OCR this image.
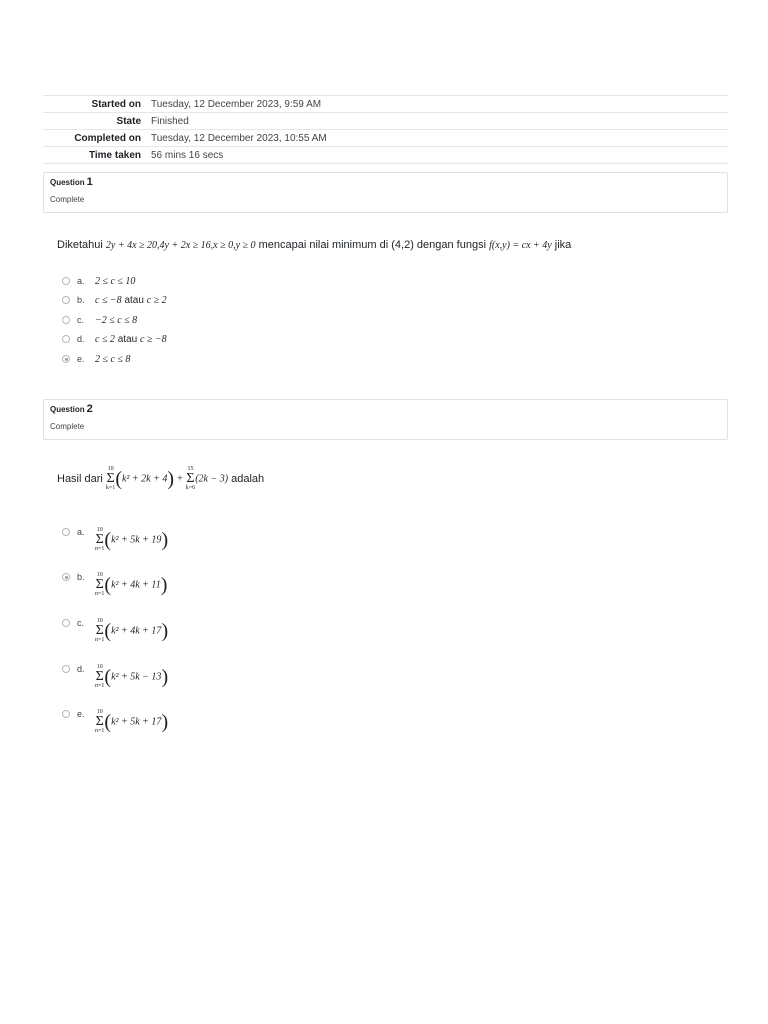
Started on	Tuesday, 12 December 2023, 9:59 AM
State	Finished
Completed on	Tuesday, 12 December 2023, 10:55 AM
Time taken	56 mins 16 secs
Question 1
Complete
Diketahui 2y + 4x ≥ 20,4y + 2x ≥ 16,x ≥ 0,y ≥ 0 mencapai nilai minimum di (4,2) dengan fungsi f(x,y) = cx + 4y jika
a.	2 ≤ c ≤ 10
b.	c ≤ −8 atau c ≥ 2
c.	−2 ≤ c ≤ 8
d.	c ≤ 2 atau c ≥ −8
e.	2 ≤ c ≤ 8
Question 2
Complete
Hasil dari
10
Σ
k=1 (k² + 2k + 4) +
15
Σ
k=6
(2k − 3) adalah
a.	10
Σ
n=1 (k² + 5k + 19)
b.	10
Σ
n=1 (k² + 4k + 11)
c.	10
Σ
n=1 (k² + 4k + 17)
d.	10
Σ
n=1 (k² + 5k − 13)
e.	10
Σ
n=1 (k² + 5k + 17)
